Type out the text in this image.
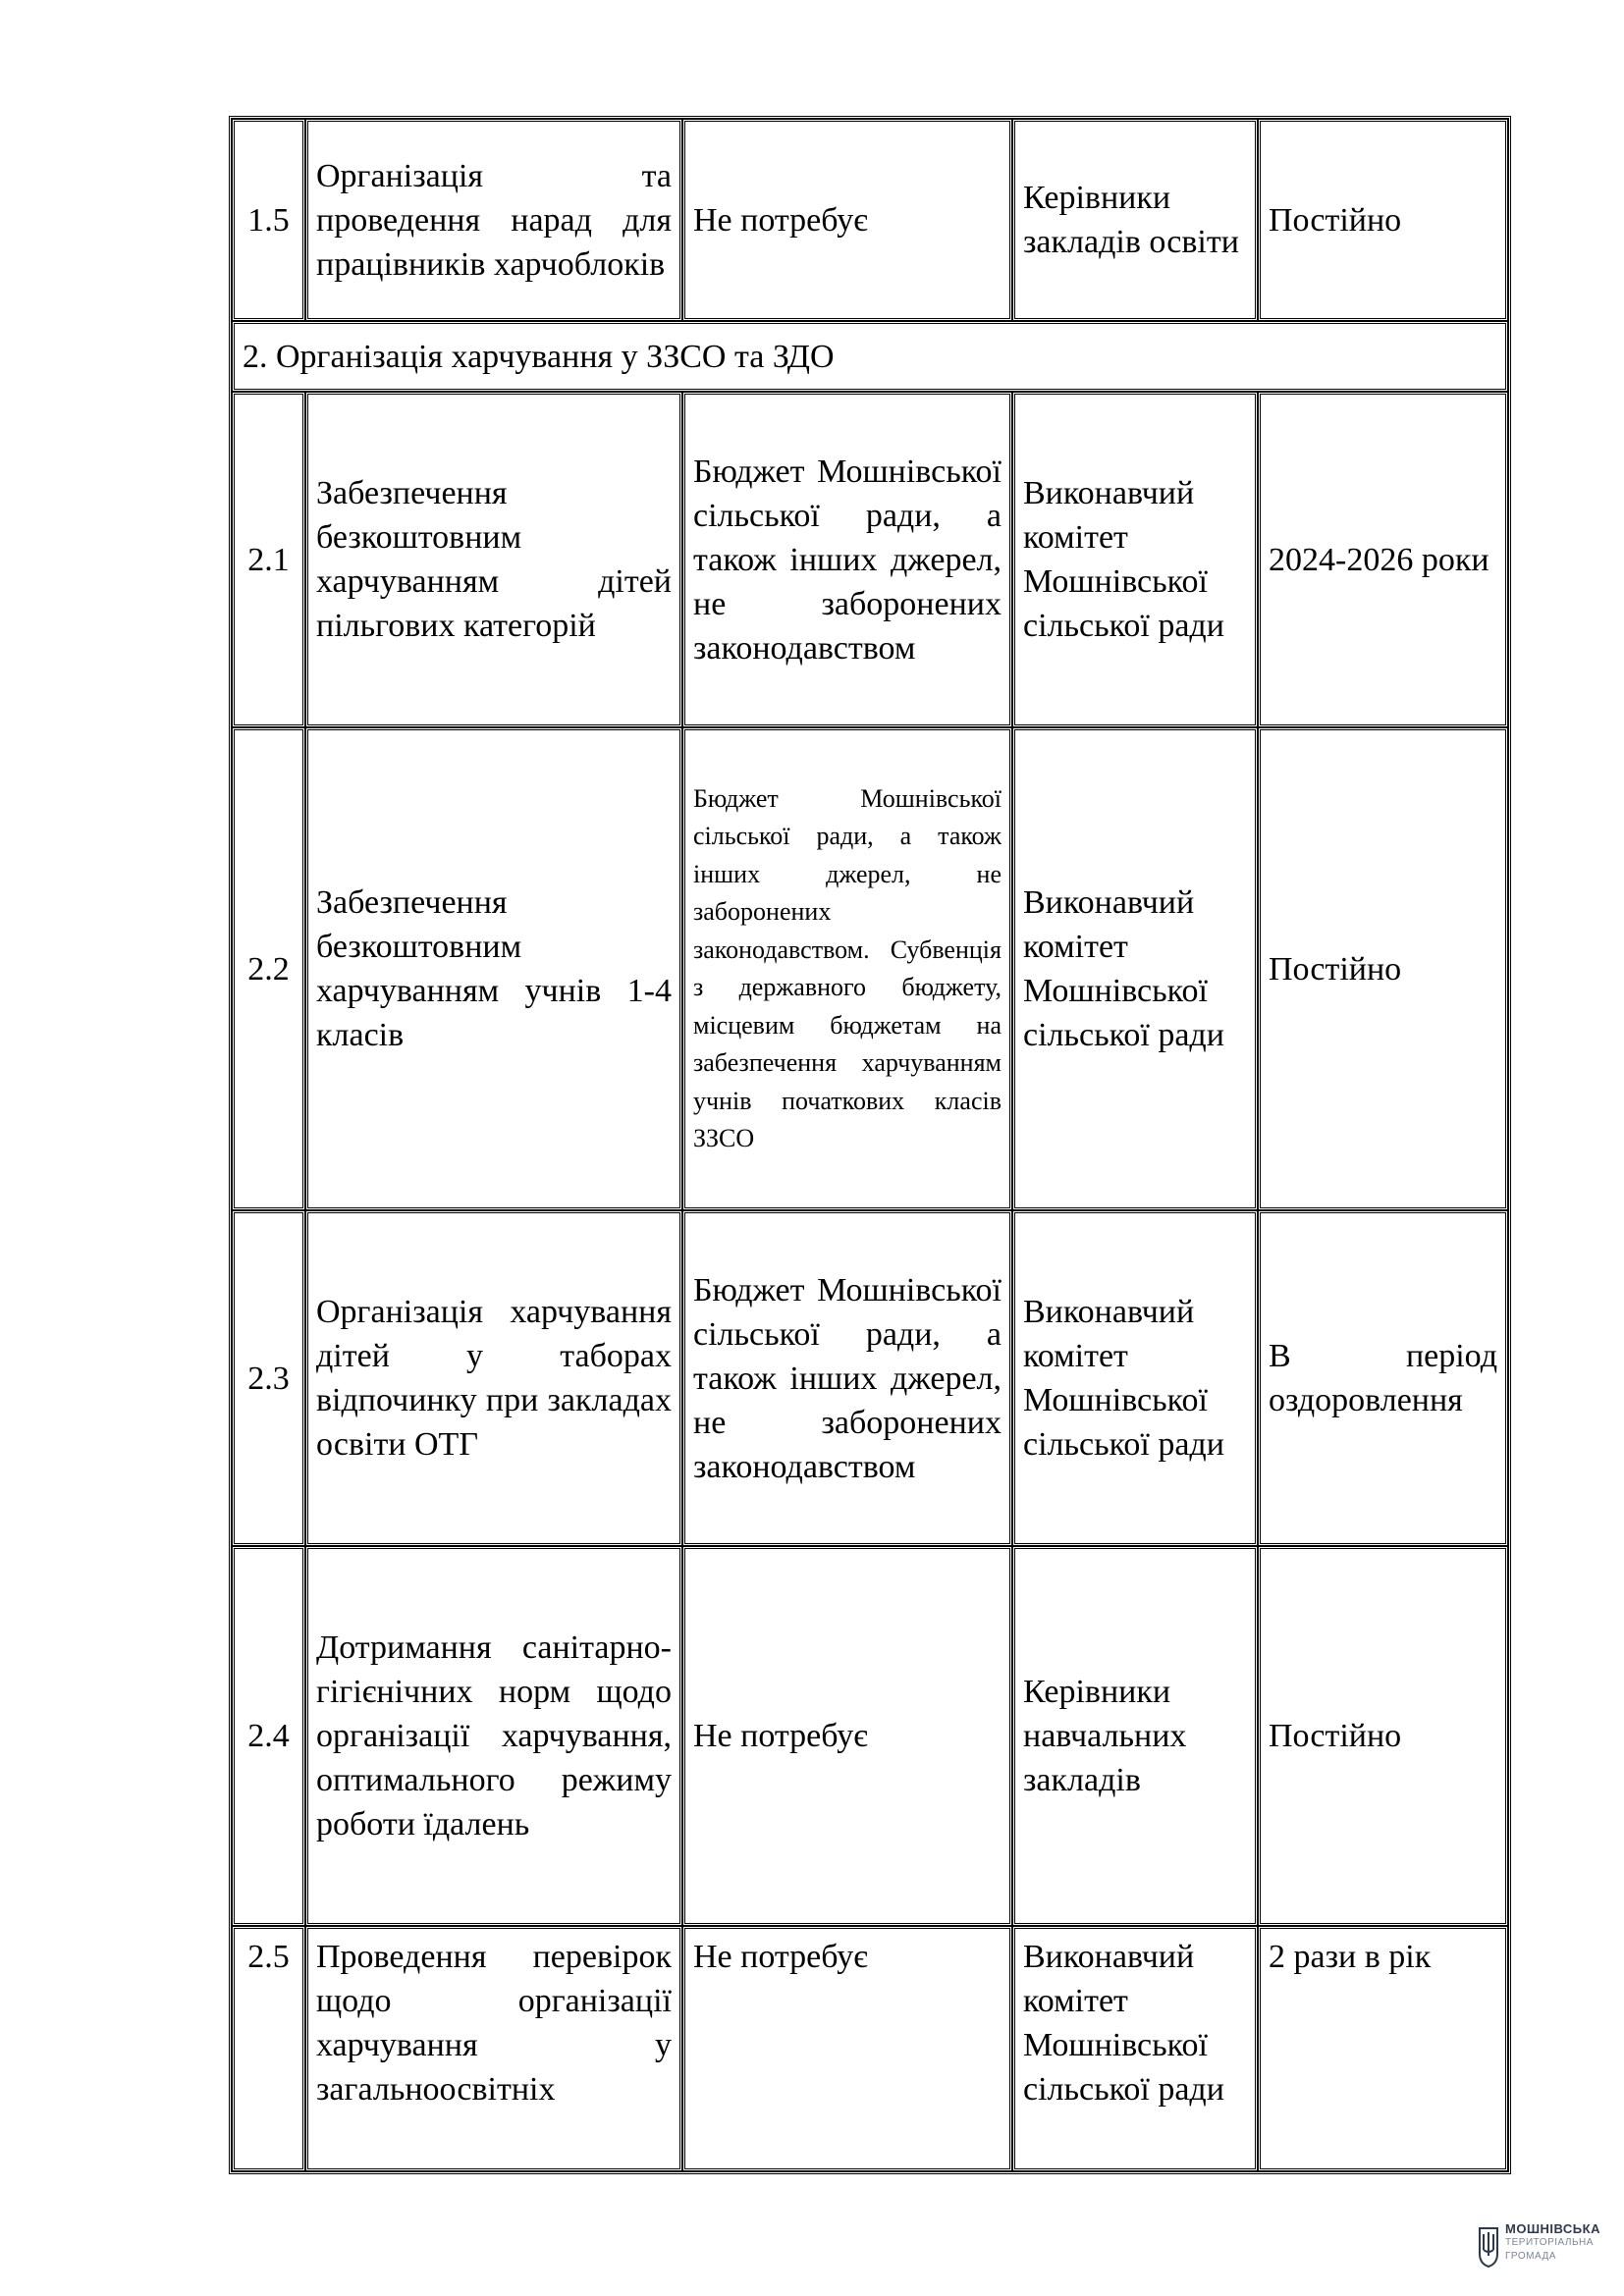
1.5	Організація та проведення нарад для працівників харчоблоків	Не потребує	Керівники закладів освіти	Постійно
2. Організація харчування у ЗЗСО та ЗДО				
2.1	Забезпечення безкоштовним харчуванням дітей пільгових категорій	Бюджет Мошнівської сільської ради, а також інших джерел, не заборонених законодавством	Виконавчий комітет Мошнівської сільської ради	2024-2026 роки
2.2	Забезпечення безкоштовним харчуванням учнів 1-4 класів	Бюджет Мошнівської сільської ради, а також інших джерел, не заборонених законодавством. Субвенція з державного бюджету, місцевим бюджетам на забезпечення харчуванням учнів початкових класів ЗЗСО	Виконавчий комітет Мошнівської сільської ради	Постійно
2.3	Організація харчування дітей у таборах відпочинку при закладах освіти ОТГ	Бюджет Мошнівської сільської ради, а також інших джерел, не заборонених законодавством	Виконавчий комітет Мошнівської сільської ради	В період оздоровлення
2.4	Дотримання санітарно-гігієнічних норм щодо організації харчування, оптимального режиму роботи їдалень	Не потребує	Керівники навчальних закладів	Постійно
2.5	Проведення перевірок щодо організації харчування у загальноосвітніх	Не потребує	Виконавчий комітет Мошнівської сільської ради	2 рази в рік
МОШНІВСЬКА
ТЕРИТОРІАЛЬНА
ГРОМАДА
